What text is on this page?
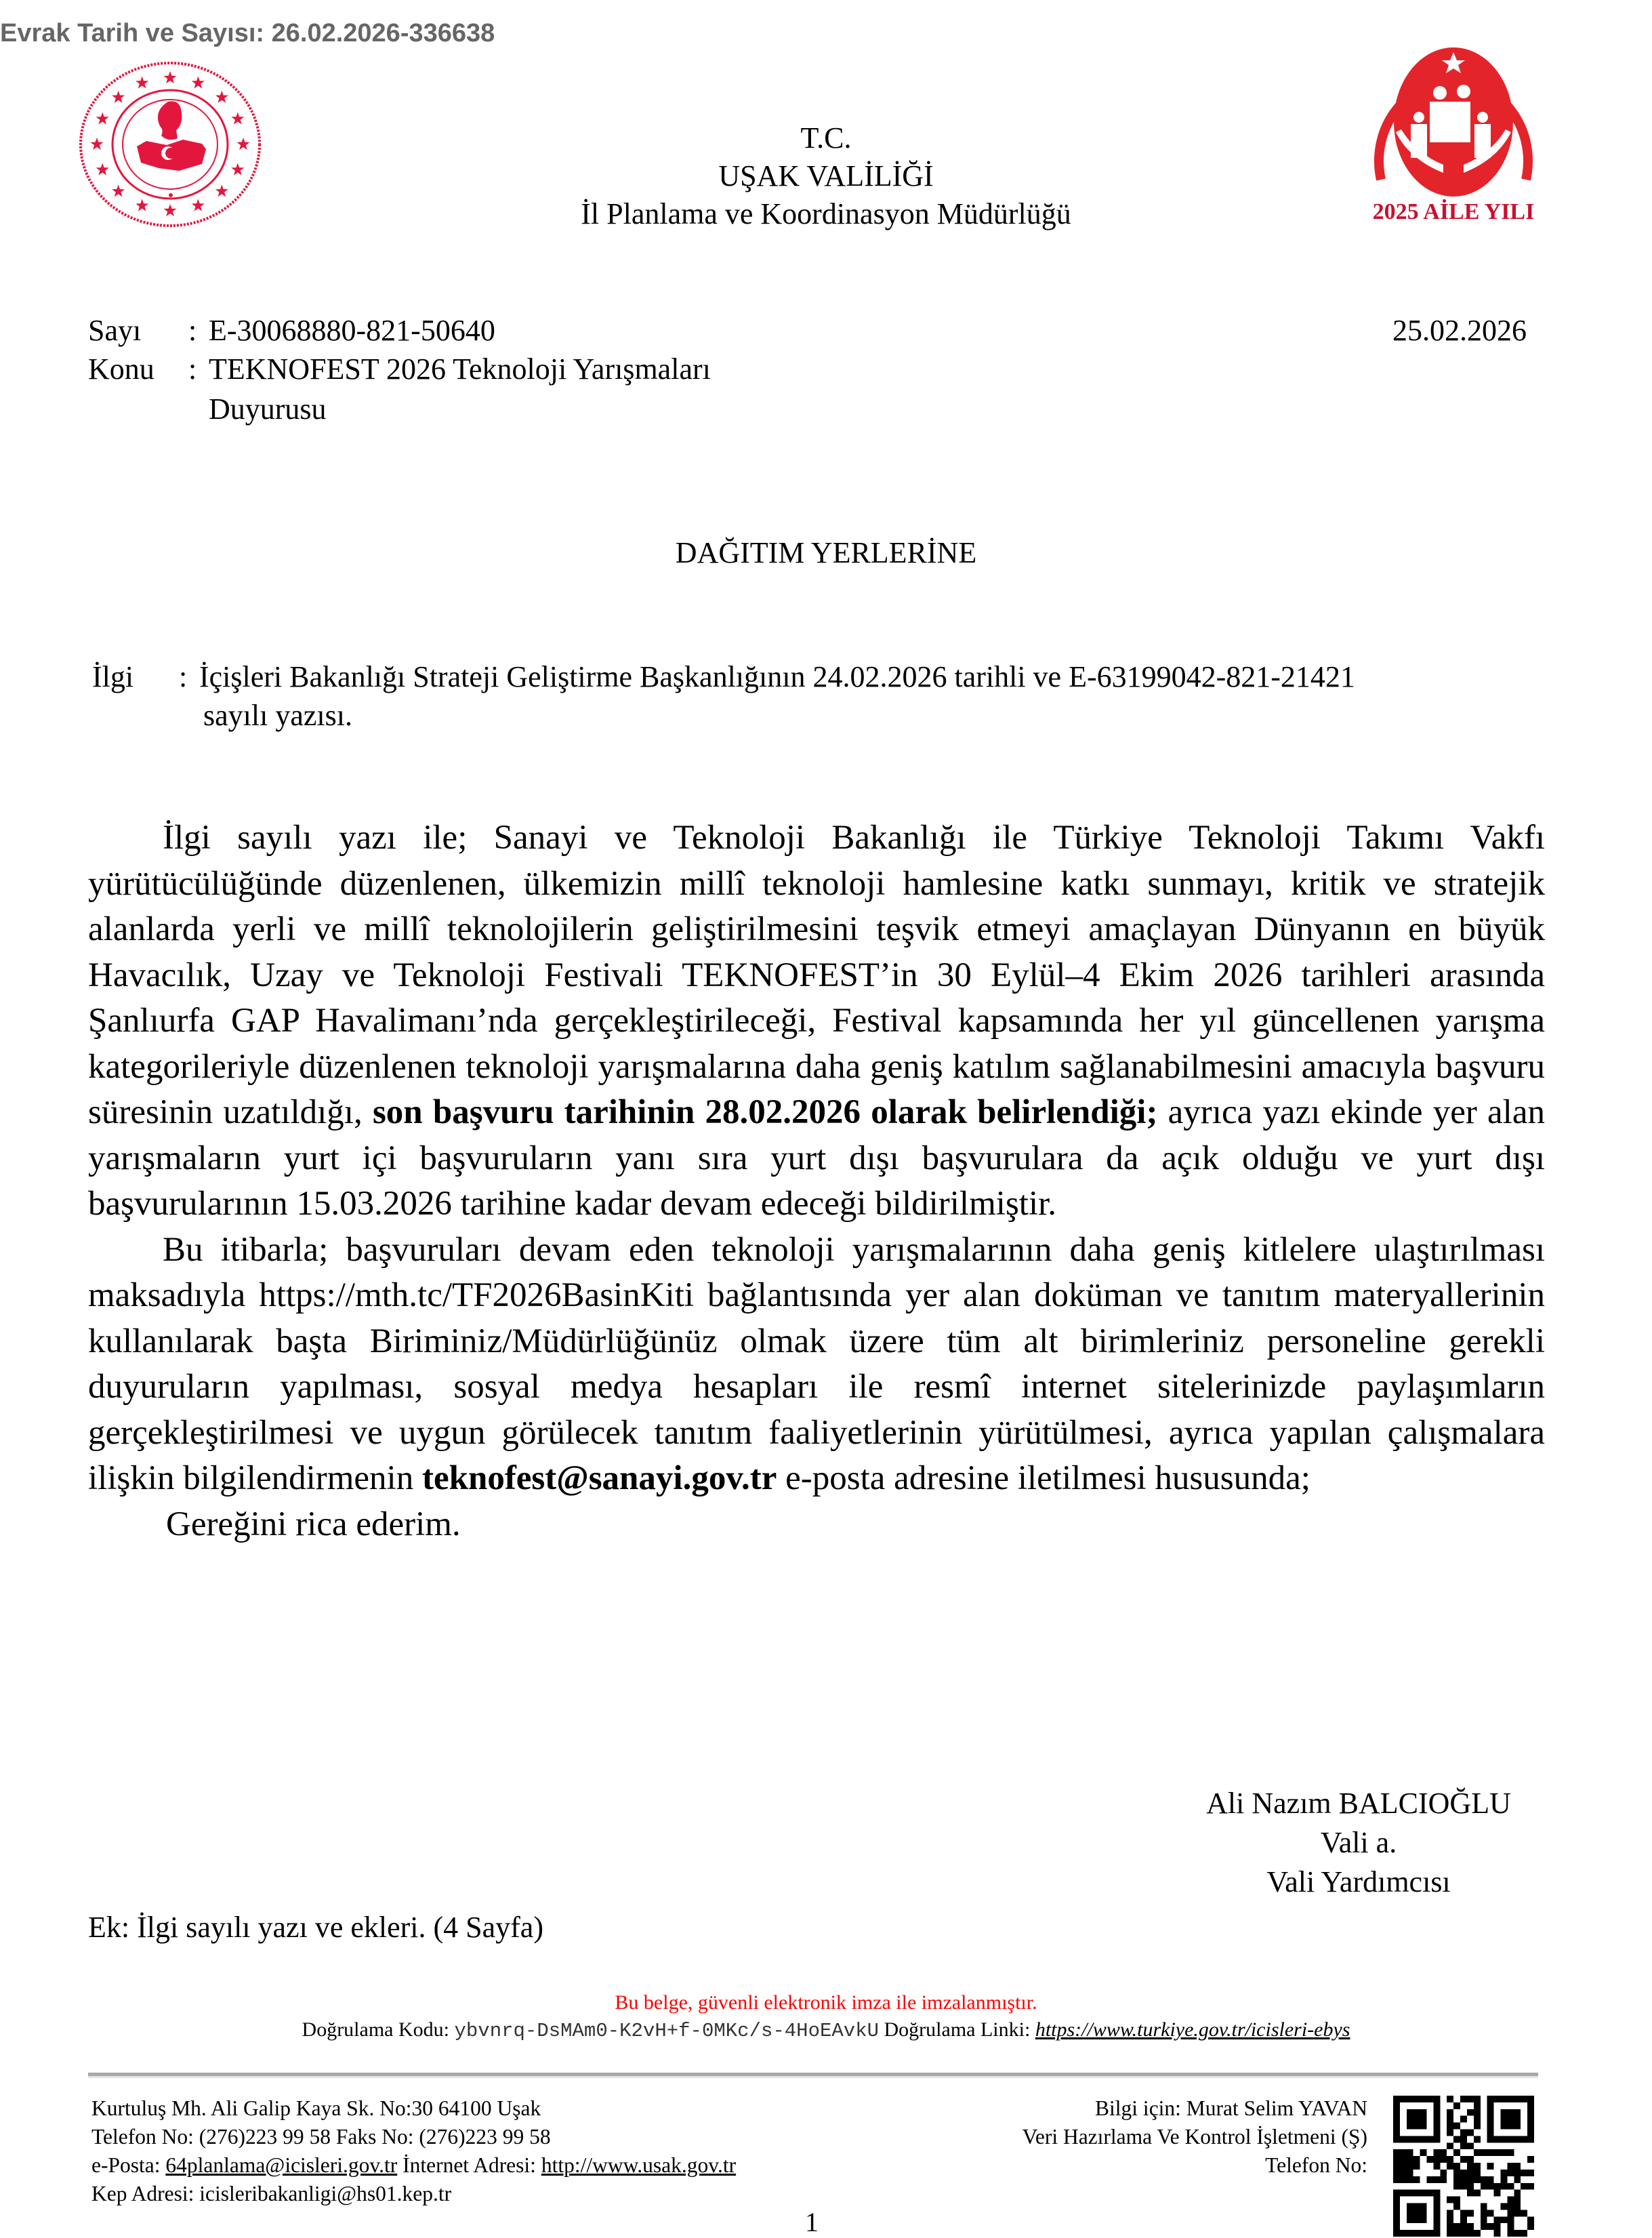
Evrak Tarih ve Sayısı: 26.02.2026-336638
2025 AİLE YILI
T.C.
UŞAK VALİLİĞİ
İl Planlama ve Koordinasyon Müdürlüğü
Sayı : E-30068880-821-50640
Konu : TEKNOFEST 2026 Teknoloji Yarışmaları
Duyurusu
25.02.2026
DAĞITIM YERLERİNE
İlgi : İçişleri Bakanlığı Strateji Geliştirme Başkanlığının 24.02.2026 tarihli ve E-63199042-821-21421
sayılı yazısı.

İlgi sayılı yazı ile; Sanayi ve Teknoloji Bakanlığı ile Türkiye Teknoloji Takımı Vakfı yürütücülüğünde düzenlenen, ülkemizin millî teknoloji hamlesine katkı sunmayı, kritik ve stratejik alanlarda yerli ve millî teknolojilerin geliştirilmesini teşvik etmeyi amaçlayan Dünyanın en büyük Havacılık, Uzay ve Teknoloji Festivali TEKNOFEST’in 30 Eylül–4 Ekim 2026 tarihleri arasında Şanlıurfa GAP Havalimanı’nda gerçekleştirileceği, Festival kapsamında her yıl güncellenen yarışma kategorileriyle düzenlenen teknoloji yarışmalarına daha geniş katılım sağlanabilmesini amacıyla başvuru süresinin uzatıldığı, son başvuru tarihinin 28.02.2026 olarak belirlendiği; ayrıca yazı ekinde yer alan yarışmaların yurt içi başvuruların yanı sıra yurt dışı başvurulara da açık olduğu ve yurt dışı başvurularının 15.03.2026 tarihine kadar devam edeceği bildirilmiştir.

Bu itibarla; başvuruları devam eden teknoloji yarışmalarının daha geniş kitlelere ulaştırılması maksadıyla https://mth.tc/TF2026BasinKiti bağlantısında yer alan doküman ve tanıtım materyallerinin kullanılarak başta Biriminiz/Müdürlüğünüz olmak üzere tüm alt birimleriniz personeline gerekli duyuruların yapılması, sosyal medya hesapları ile resmî internet sitelerinizde paylaşımların gerçekleştirilmesi ve uygun görülecek tanıtım faaliyetlerinin yürütülmesi, ayrıca yapılan çalışmalara ilişkin bilgilendirmenin teknofest@sanayi.gov.tr e-posta adresine iletilmesi hususunda;

Gereğini rica ederim.

Ali Nazım BALCIOĞLU
Vali a.
Vali Yardımcısı
Ek: İlgi sayılı yazı ve ekleri. (4 Sayfa)
Bu belge, güvenli elektronik imza ile imzalanmıştır.
Doğrulama Kodu: ybvnrq-DsMAm0-K2vH+f-0MKc/s-4HoEAvkU Doğrulama Linki: https://www.turkiye.gov.tr/icisleri-ebys
Kurtuluş Mh. Ali Galip Kaya Sk. No:30 64100 Uşak
Telefon No: (276)223 99 58 Faks No: (276)223 99 58
e-Posta: 64planlama@icisleri.gov.tr İnternet Adresi: http://www.usak.gov.tr
Kep Adresi: icisleribakanligi@hs01.kep.tr
Bilgi için: Murat Selim YAVAN
Veri Hazırlama Ve Kontrol İşletmeni (Ş)
Telefon No:
1
